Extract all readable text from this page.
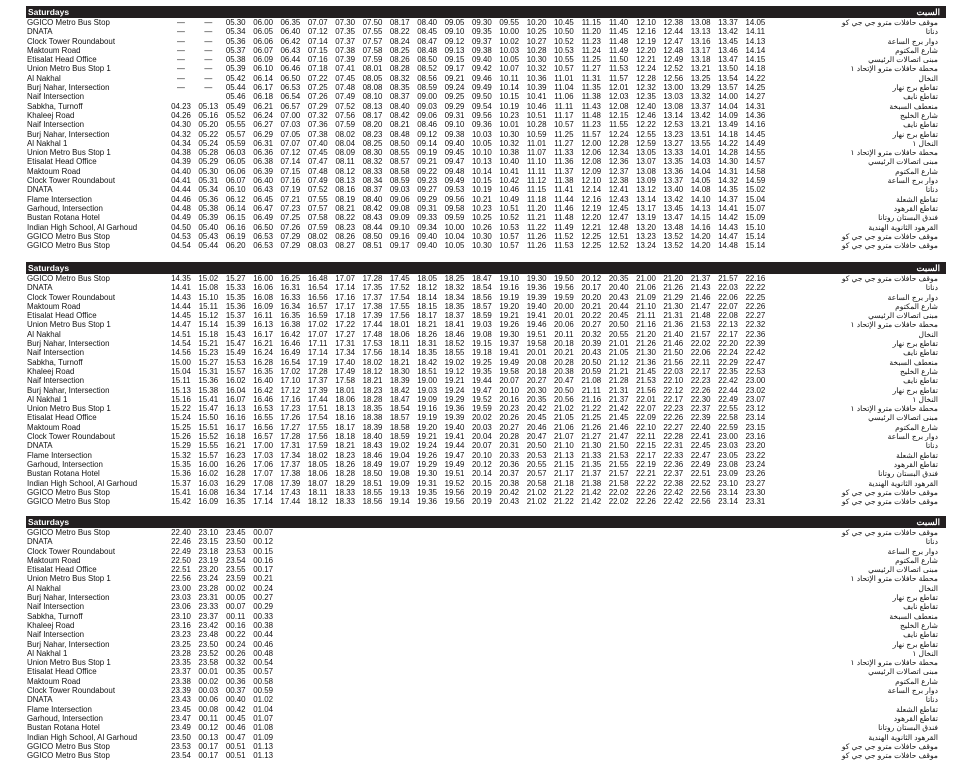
Saturdays	السبت
GGICO Metro Bus Stop	—	—	05.30 06.00 06.35 07.07 07.30 07.50 08.17 08.40 09.05 09.30 09.55 10.20 10.45	11.15	11.40	12.10 12.38 13.08 13.37 14.05	موقف حافلات مترو جي جي كو
DNATA	—	—	05.34 06.05 06.40 07.12 07.35 07.55 08.22 08.45 09.10 09.35 10.00 10.25 10.50	11.20	11.45	12.16 12.44 13.13 13.42	14.11	دناتا
Clock Tower Roundabout	—	—	05.36 06.06 06.42 07.14 07.37 07.57 08.24 08.47 09.12 09.37 10.02 10.27 10.52	11.23	11.48	12.19 12.47 13.16 13.45 14.13	دوار برج الساعة
Maktoum Road	—	—	05.37 06.07 06.43 07.15 07.38 07.58 08.25 08.48 09.13 09.38 10.03 10.28 10.53	11.24	11.49	12.20 12.48 13.17 13.46 14.14	شارع المكتوم
Etisalat Head Office	—	—	05.38 06.09 06.44 07.16 07.39 07.59 08.26 08.50 09.15 09.40 10.05 10.30 10.55	11.25	11.50	12.21 12.49 13.18 13.47 14.15	مبنى اتصالات الرئيسي
Union Metro Bus Stop 1	—	—	05.39 06.10 06.46 07.18 07.41 08.01 08.28 08.52 09.17 09.42 10.07 10.32 10.57	11.27	11.53	12.24 12.52 13.21 13.50 14.18	محطة حافلات مترو الإتحاد ١
Al Nakhal	—	—	05.42 06.14 06.50 07.22 07.45 08.05 08.32 08.56 09.21 09.46 10.11	10.36 11.01	11.31	11.57	12.28 12.56 13.25 13.54 14.22	النخال
Burj Nahar, Intersection	—	—	05.44 06.17 06.53 07.25 07.48 08.08 08.35 08.59 09.24 09.49 10.14 10.39 11.04	11.35 12.01 12.32 13.00 13.29 13.57 14.25	تقاطع برج نهار
Naif Intersection	05.46 06.18 06.54 07.26 07.49 08.10 08.37 09.00 09.25 09.50 10.15 10.41 11.06	11.38 12.03 12.35 13.03 13.32 14.00 14.27	تقاطع نايف
Sabkha, Turnoff	04.23 05.13 05.49 06.21 06.57 07.29 07.52 08.13 08.40 09.03 09.29 09.54 10.19 10.46	11.11	11.43 12.08 12.40 13.08 13.37 14.04 14.31	منعطف السبخة
Khaleej Road	04.26 05.16 05.52 06.24 07.00 07.32 07.56 08.17 08.42 09.06 09.31 09.56 10.23 10.51 11.17	11.48 12.15 12.46 13.14 13.42 14.09 14.36	شارع الخليج
Naif Intersection	04.30 05.20 05.55 06.27 07.03 07.36 07.59 08.20 08.21 08.46 09.10 09.36 10.01 10.28 10.57	11.23	11.55	12.22 12.53 13.21 13.49 14.16	تقاطع نايف
Burj Nahar, Intersection	04.32 05.22 05.57 06.29 07.05 07.38 08.02 08.23 08.48 09.12 09.38 10.03 10.30 10.59 11.25	11.57 12.24 12.55 13.23 13.51 14.18 14.45	تقاطع برج نهار
Al Nakhal 1	04.34 05.24 05.59 06.31 07.07 07.40 08.04 08.25 08.50 09.14 09.40 10.05 10.32	11.01	11.27	12.00 12.28 12.59 13.27 13.55 14.22 14.49	النخال ١
Union Metro Bus Stop 1	04.38 05.28 06.03 06.36 07.12 07.45 08.09 08.30 08.55 09.19 09.45 10.10 10.38	11.07	11.33	12.06 12.34 13.05 13.33 14.01 14.28 14.55	محطة حافلات مترو الإتحاد ١
Etisalat Head Office	04.39 05.29 06.05 06.38 07.14 07.47 08.11	08.32 08.57 09.21 09.47 10.13 10.40	11.10	11.36	12.08 12.36 13.07 13.35 14.03 14.30 14.57	مبنى اتصالات الرئيسي
Maktoum Road	04.40 05.30 06.06 06.39 07.15 07.48 08.12 08.33 08.58 09.22 09.48 10.14 10.41	11.11	11.37	12.09 12.37 13.08 13.36 14.04 14.31 14.58	شارع المكتوم
Clock Tower Roundabout	04.41 05.31 06.07 06.40 07.16 07.49 08.13 08.34 08.59 09.23 09.49 10.15 10.42	11.12	11.38	12.10 12.38 13.09 13.37 14.05 14.32 14.59	دوار برج الساعة
DNATA	04.44 05.34 06.10 06.43 07.19 07.52 08.16 08.37 09.03 09.27 09.53 10.19 10.46	11.15	11.41	12.14 12.41 13.12 13.40 14.08 14.35 15.02	دناتا
Flame Intersection	04.46 05.36 06.12 06.45 07.21 07.55 08.19 08.40 09.06 09.29 09.56 10.21 10.49	11.18	11.44	12.16 12.43 13.14 13.42 14.10 14.37 15.04	تقاطع الشعلة
Garhoud, Intersection	04.48 05.38 06.14 06.47 07.23 07.57 08.21 08.42 09.08 09.31 09.58 10.23 10.51	11.20	11.46	12.19 12.45 13.17 13.45 14.13 14.41 15.07	تقاطع القرهود
Bustan Rotana Hotel	04.49 05.39 06.15 06.49 07.25 07.58 08.22 08.43 09.09 09.33 09.59 10.25 10.52	11.21	11.48	12.20 12.47 13.19 13.47 14.15 14.42 15.09	فندق البستان روتانا
Indian High School, Al Garhoud	04.50 05.40 06.16 06.50 07.26 07.59 08.23 08.44 09.10 09.34 10.00 10.26 10.53	11.22	11.49	12.21 12.48 13.20 13.48 14.16 14.43 15.10	القرهود الثانوية الهندية
GGICO Metro Bus Stop	04.53 05.43 06.19 06.53 07.29 08.02 08.26 08.50 09.16 09.40 10.04 10.30 10.57	11.26	11.52	12.25 12.51 13.23 13.52 14.20 14.47 15.14	موقف حافلات مترو جي جي كو
GGICO Metro Bus Stop	04.54 05.44 06.20 06.53 07.29 08.03 08.27 08.51 09.17 09.40 10.05 10.30 10.57	11.26	11.53	12.25 12.52 13.24 13.52 14.20 14.48 15.14	موقف حافلات مترو جي جي كو
Saturdays	السبت
GGICO Metro Bus Stop	14.35 15.02 15.27 16.00 16.25 16.48 17.07 17.28 17.45 18.05 18.25 18.47 19.10 19.30 19.50 20.12 20.35 21.00 21.20 21.37 21.57 22.16	موقف حافلات مترو جي جي كو
DNATA	14.41 15.08 15.33 16.06 16.31 16.54 17.14 17.35 17.52 18.12 18.32 18.54 19.16 19.36 19.56 20.17 20.40 21.06 21.26 21.43 22.03 22.22	دناتا
Clock Tower Roundabout	14.43 15.10 15.35 16.08 16.33 16.56 17.16 17.37 17.54 18.14 18.34 18.56 19.19 19.39 19.59 20.20 20.43 21.09 21.29 21.46 22.06 22.25	دوار برج الساعة
Maktoum Road	14.44 15.11	15.36 16.09 16.34 16.57 17.17 17.38 17.55 18.15 18.35 18.57 19.20 19.40 20.00 20.21 20.44 21.10 21.30 21.47 22.07 22.26	شارع المكتوم
Etisalat Head Office	14.45 15.12 15.37	16.11 16.35 16.59 17.18 17.39 17.56 18.17 18.37 18.59 19.21 19.41 20.01 20.22 20.45	21.11 21.31 21.48 22.08 22.27	مبنى اتصالات الرئيسي
Union Metro Bus Stop 1	14.47 15.14 15.39 16.13 16.38 17.02 17.22 17.44 18.01 18.21 18.41 19.03 19.26 19.46 20.06 20.27 20.50 21.16 21.36 21.53 22.13 22.32	محطة حافلات مترو الإتحاد ١
Al Nakhal	14.51 15.18 15.43 16.17 16.42 17.07 17.27 17.48 18.06 18.26 18.46 19.08 19.30 19.51 20.11	20.32 20.55 21.20 21.40 21.57 22.17 22.36	النخال
Burj Nahar, Intersection	14.54 15.21 15.47 16.21 16.46	17.11 17.31 17.53 18.11 18.31 18.52 19.15 19.37 19.58 20.18 20.39 21.01 21.26 21.46 22.02 22.20 22.39	تقاطع برج نهار
Naif Intersection	14.56 15.23 15.49 16.24 16.49 17.14 17.34 17.56 18.14 18.35 18.55 19.18 19.41 20.01 20.21 20.43 21.05 21.30 21.50 22.06 22.24 22.42	تقاطع نايف
Sabkha, Turnoff	15.00 15.27 15.53 16.28 16.54 17.19 17.40 18.02 18.21 18.42 19.02 19.25 19.49 20.08 20.28 20.50 21.12 21.36 21.56 22.11	22.29 22.47	منعطف السبخة
Khaleej Road	15.04 15.31 15.57 16.35 17.02 17.28 17.49 18.12 18.30 18.51 19.12 19.35 19.58 20.18 20.38 20.59 21.21 21.45 22.03 22.17 22.35 22.53	شارع الخليج
Naif Intersection	15.11 15.36 16.02 16.40 17.10 17.37 17.58 18.21 18.39 19.00 19.21 19.44 20.07 20.27 20.47 21.08 21.28 21.53 22.10 22.23 22.42 23.00	تقاطع نايف
Burj Nahar, Intersection	15.13 15.38 16.04 16.42 17.12 17.39 18.01 18.23 18.42 19.03 19.24 19.47 20.10 20.30 20.50	21.11 21.31 21.56 22.12 22.26 22.44 23.02	تقاطع برج نهار
Al Nakhal 1	15.16 15.41 16.07 16.46 17.16 17.44 18.06 18.28 18.47 19.09 19.29 19.52 20.16 20.35 20.56 21.16 21.37 22.01 22.17 22.30 22.49 23.07	النخال ١
Union Metro Bus Stop 1	15.22 15.47 16.13 16.53 17.23 17.51 18.13 18.35 18.54 19.16 19.36 19.59 20.23 20.42 21.02 21.22 21.42 22.07 22.23 22.37 22.55 23.12	محطة حافلات مترو الإتحاد ١
Etisalat Head Office	15.24 15.50 16.16 16.55 17.26 17.54 18.16 18.38 18.57 19.19 19.39 20.02 20.26 20.45 21.05 21.25 21.45 22.09 22.26 22.39 22.58 23.14	مبنى اتصالات الرئيسي
Maktoum Road	15.25 15.51 16.17 16.56 17.27 17.55 18.17 18.39 18.58 19.20 19.40 20.03 20.27 20.46 21.06 21.26 21.46 22.10 22.27 22.40 22.59 23.15	شارع المكتوم
Clock Tower Roundabout	15.26 15.52 16.18 16.57 17.28 17.56 18.18 18.40 18.59 19.21 19.41 20.04 20.28 20.47 21.07 21.27 21.47	22.11 22.28 22.41 23.00 23.16	دوار برج الساعة
DNATA	15.29 15.55 16.21 17.00 17.31 17.59 18.21 18.43 19.02 19.24 19.44 20.07 20.31 20.50 21.10 21.30 21.50 22.15 22.31 22.45 23.03 23.20	دناتا
Flame Intersection	15.32 15.57 16.23 17.03 17.34 18.02 18.23 18.46 19.04 19.26 19.47 20.10 20.33 20.53 21.13 21.33 21.53 22.17 22.33 22.47 23.05 23.22	تقاطع الشعلة
Garhoud, Intersection	15.35 16.00 16.26 17.06 17.37 18.05 18.26 18.49 19.07 19.29 19.49 20.12 20.36 20.55 21.15 21.35 21.55 22.19 22.36 22.49 23.08 23.24	تقاطع القرهود
Bustan Rotana Hotel	15.36 16.02 16.28 17.07 17.38 18.06 18.28 18.50 19.08 19.30 19.51 20.14 20.37 20.57 21.17 21.37 21.57 22.21 22.37 22.51 23.09 23.26	فندق البستان روتانا
Indian High School, Al Garhoud	15.37 16.03 16.29 17.08 17.39 18.07 18.29 18.51 19.09 19.31 19.52 20.15 20.38 20.58 21.18 21.38 21.58 22.22 22.38 22.52 23.10 23.27	القرهود الثانوية الهندية
GGICO Metro Bus Stop	15.41 16.08 16.34 17.14 17.43	18.11 18.33 18.55 19.13 19.35 19.56 20.19 20.42 21.02 21.22 21.42 22.02 22.26 22.42 22.56 23.14 23.30	موقف حافلات مترو جي جي كو
GGICO Metro Bus Stop	15.42 16.09 16.35 17.14 17.44 18.12 18.33 18.56 19.14 19.36 19.56 20.19 20.43 21.02 21.22 21.42 22.02 22.26 22.42 22.56 23.14 23.31	موقف حافلات مترو جي جي كو
Saturdays	السبت
GGICO Metro Bus Stop	22.40 23.10 23.45 00.07	موقف حافلات مترو جي جي كو
DNATA	22.46 23.15 23.50 00.12	دناتا
Clock Tower Roundabout	22.49 23.18 23.53 00.15	دوار برج الساعة
Maktoum Road	22.50 23.19 23.54 00.16	شارع المكتوم
Etisalat Head Office	22.51 23.20 23.55 00.17	مبنى اتصالات الرئيسي
Union Metro Bus Stop 1	22.56 23.24 23.59 00.21	محطة حافلات مترو الإتحاد ١
Al Nakhal	23.00 23.28 00.02 00.24	النخال
Burj Nahar, Intersection	23.03 23.31 00.05 00.27	تقاطع برج نهار
Naif Intersection	23.06 23.33 00.07 00.29	تقاطع نايف
Sabkha, Turnoff	23.10 23.37	00.11	00.33	منعطف السبخة
Khaleej Road	23.16 23.42 00.16 00.38	شارع الخليج
Naif Intersection	23.23 23.48 00.22 00.44	تقاطع نايف
Burj Nahar, Intersection	23.25 23.50 00.24 00.46	تقاطع برج نهار
Al Nakhal 1	23.28 23.52 00.26 00.48	النخال ١
Union Metro Bus Stop 1	23.35 23.58 00.32 00.54	محطة حافلات مترو الإتحاد ١
Etisalat Head Office	23.37 00.01 00.35 00.57	مبنى اتصالات الرئيسي
Maktoum Road	23.38 00.02 00.36 00.58	شارع المكتوم
Clock Tower Roundabout	23.39 00.03 00.37 00.59	دوار برج الساعة
DNATA	23.43 00.06 00.40 01.02	دناتا
Flame Intersection	23.45 00.08 00.42 01.04	تقاطع الشعلة
Garhoud, Intersection	23.47 00.11	00.45 01.07	تقاطع القرهود
Bustan Rotana Hotel	23.49 00.12 00.46 01.08	فندق البستان روتانا
Indian High School, Al Garhoud	23.50 00.13 00.47 01.09	القرهود الثانوية الهندية
GGICO Metro Bus Stop	23.53 00.17 00.51 01.13	موقف حافلات مترو جي جي كو
GGICO Metro Bus Stop	23.54 00.17 00.51 01.13	موقف حافلات مترو جي جي كو
